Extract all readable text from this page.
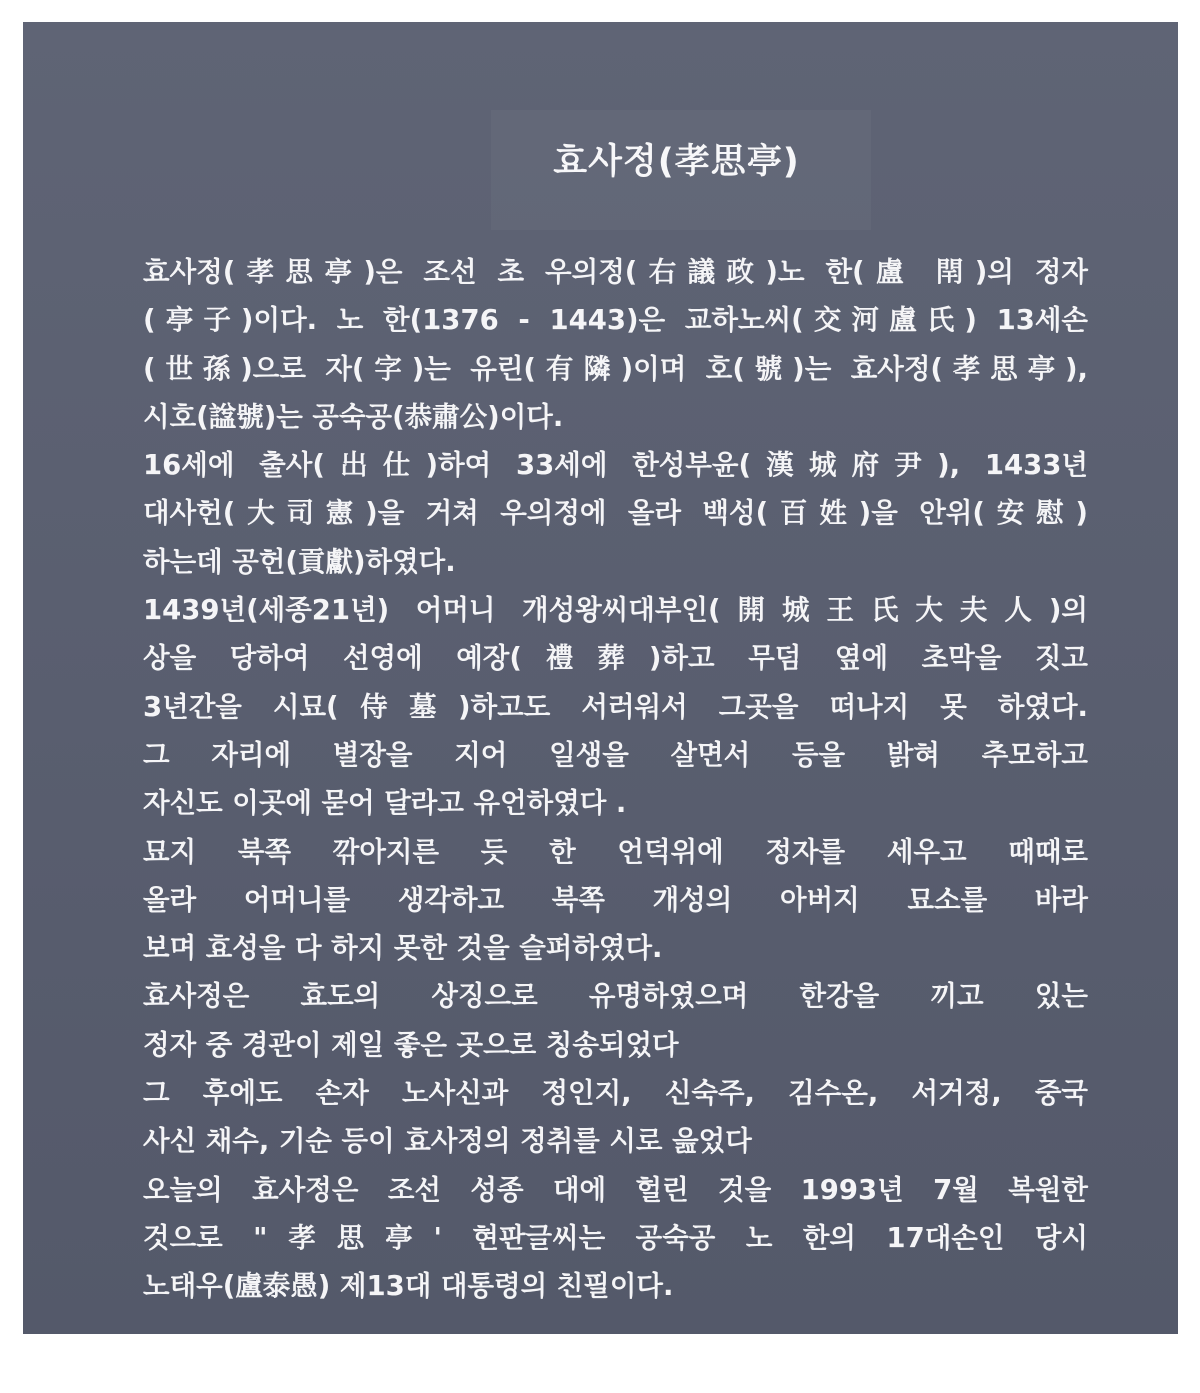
효사정(孝思亭)
효사정(孝思亭)은 조선 초 우의정(右議政)노 한(盧 閈)의 정자
(亭子)이다. 노 한(1376 - 1443)은 교하노씨(交河盧氏) 13세손
(世孫)으로 자(字)는 유린(有隣)이며 호(號)는 효사정(孝思亭),
시호(諡號)는 공숙공(恭肅公)이다.
16세에 출사(出仕)하여 33세에 한성부윤(漢城府尹), 1433년
대사헌(大司憲)을 거쳐 우의정에 올라 백성(百姓)을 안위(安慰)
하는데 공헌(貢獻)하였다.
1439년(세종21년) 어머니 개성왕씨대부인(開城王氏大夫人)의
상을 당하여 선영에 예장(禮葬)하고 무덤 옆에 초막을 짓고
3년간을 시묘(侍墓)하고도 서러워서 그곳을 떠나지 못 하였다.
그 자리에 별장을 지어 일생을 살면서 등을 밝혀 추모하고
자신도 이곳에 묻어 달라고 유언하였다 .
묘지 북쪽 깎아지른 듯 한 언덕위에 정자를 세우고 때때로
올라 어머니를 생각하고 북쪽 개성의 아버지 묘소를 바라
보며 효성을 다 하지 못한 것을 슬퍼하였다.
효사정은 효도의 상징으로 유명하였으며 한강을 끼고 있는
정자 중 경관이 제일 좋은 곳으로 칭송되었다
그 후에도 손자 노사신과 정인지, 신숙주, 김수온, 서거정, 중국
사신 채수, 기순 등이 효사정의 정취를 시로 읊었다
오늘의 효사정은 조선 성종 대에 헐린 것을 1993년 7월 복원한
것으로 "孝思亭' 현판글씨는 공숙공 노 한의 17대손인 당시
노태우(盧泰愚) 제13대 대통령의 친필이다.
